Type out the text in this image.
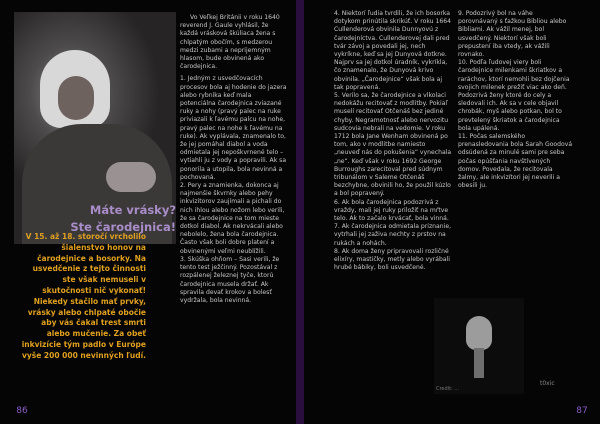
Máte vrásky?
Ste čarodejnica!
V 15. až 18. storočí vrcholilo šialenstvo honov na čarodejnice a bosorky. Na usvedčenie z tejto činnosti ste však nemuseli v skutočnosti nič vykonať! Niekedy stačilo mať prvky, vrásky alebo chlpaté obočie aby vás čakal trest smrti alebo mučenie. Za obeť inkvizície tým padlo v Európe vyše 200 000 nevinných ľudí.

Vo Veľkej Británii v roku 1640 reverend J. Gaule vyhlásil, že každá vrásková škúliaca žena s chlpatým obočím, s medzerou medzi zubami a neprijemným hlasom, bude obvinená ako čarodejnica.

1. Jedným z usvedčovacích procesov bola aj hodenie do jazera alebo rybníka keď mala potenciálna čarodejnica zviazané ruky a nohy (pravý palec na ruke priviazali k ľavému palcu na nohe, pravý palec na nohe k ľavému na ruke). Ak vyplávala, znamenalo to, že jej pomáhal diabol a voda odmietala jej nepoškvrnené telo – vytiahli ju z vody a popravili. Ak sa ponorila a utopila, bola nevinná a pochovaná.

2. Pery a znamienka, dokonca aj najmenšie škvrnky alebo pehy inkvizitorov zaujímali a pichali do nich ihlou alebo nožom lebo verili, že sa čarodejnice na tom mieste dotkol diabol. Ak nekrvácali alebo nebolelo, žena bola čarodejnica. Často však boli dobre platení a obvinenými veľmi neublížili.

3. Skúška ohňom – Sasi verili, že tento test ježčinný. Pozostával z rozpálenej železnej tyče, ktorú čarodejnica musela držať. Ak spravila devať krokov a bolesť vydržala, bola nevinná.

86

4. Niektorí ľudia tvrdili, že ich bosorka dotykom prinútila skrikúť. V roku 1664 Cullenderová obvinila Dunnyovú z čarodejníctva. Cullenderovej dali pred tvár závoj a povedali jej, nech vykríkne, keď sa jej Dunyová dotkne. Najprv sa jej dotkol úradník, vykríkla, čo znamenalo, že Dunyová krivo obvinila. „Čarodejnice“ však bola aj tak popravená.

5. Verilo sa, že čarodejnice a vlkolaci nedokážu recitovať z modlitby. Pokiaľ muselí recitovať Otčenáš bez jediné chyby. Negramotnosť alebo nervozitu sudcovia nebrali na vedomie. V roku 1712 bola Jane Wenham obvinená po tom, ako v modlitbe namiesto „neuveď nás do pokušenia“ vynechala „ne“. Keď však v roku 1692 George Burroughs zarecitoval pred súdnym tribunálom v Saleme Otčenáš bezchybne, obvinili ho, že použil kúzlo a bol popravený.

6. Ak bola čarodejnica podozrivá z vraždy, mali jej ruky priložiť na mŕtve telo. Ak to začalo krvácať, bola vinná.

7. Ak čarodejnica odmietala priznanie, vytrhali jej zaživa nechty z prstov na rukách a nohách.

8. Ak doma ženy pripravovali rozličné elixíry, mastičky, metly alebo vyrábali hrubé bábiky, boli usvedčené.

9. Podozrivý bol na váhe porovnávaný s ťažkou Bibliou alebo Bibliami. Ak vážil menej, bol usvedčený. Niektorí však boli prepustení iba vtedy, ak vážili rovnako.

10. Podľa ľudovej viery boli čarodejnice milenkami škriatkov a raráchov, ktorí nemohli bez dojčenia svojich milenek prežiť viac ako deň. Podozrivá ženy ktoré do cely a sledovali ich. Ak sa v cele objavil chrobák, myš alebo potkan, bol to prevtelený škriatok a čarodejnica bola upálená.

11. Počas salemského prenasledovania bola Sarah Goodová odsúdená za minulé sami pre seba počas opúšťania navštívených domov. Povedala, že recitovala žalmy, ale inkvizítori jej neverili a obesili ju.

87
Credit: ...
t0xic
